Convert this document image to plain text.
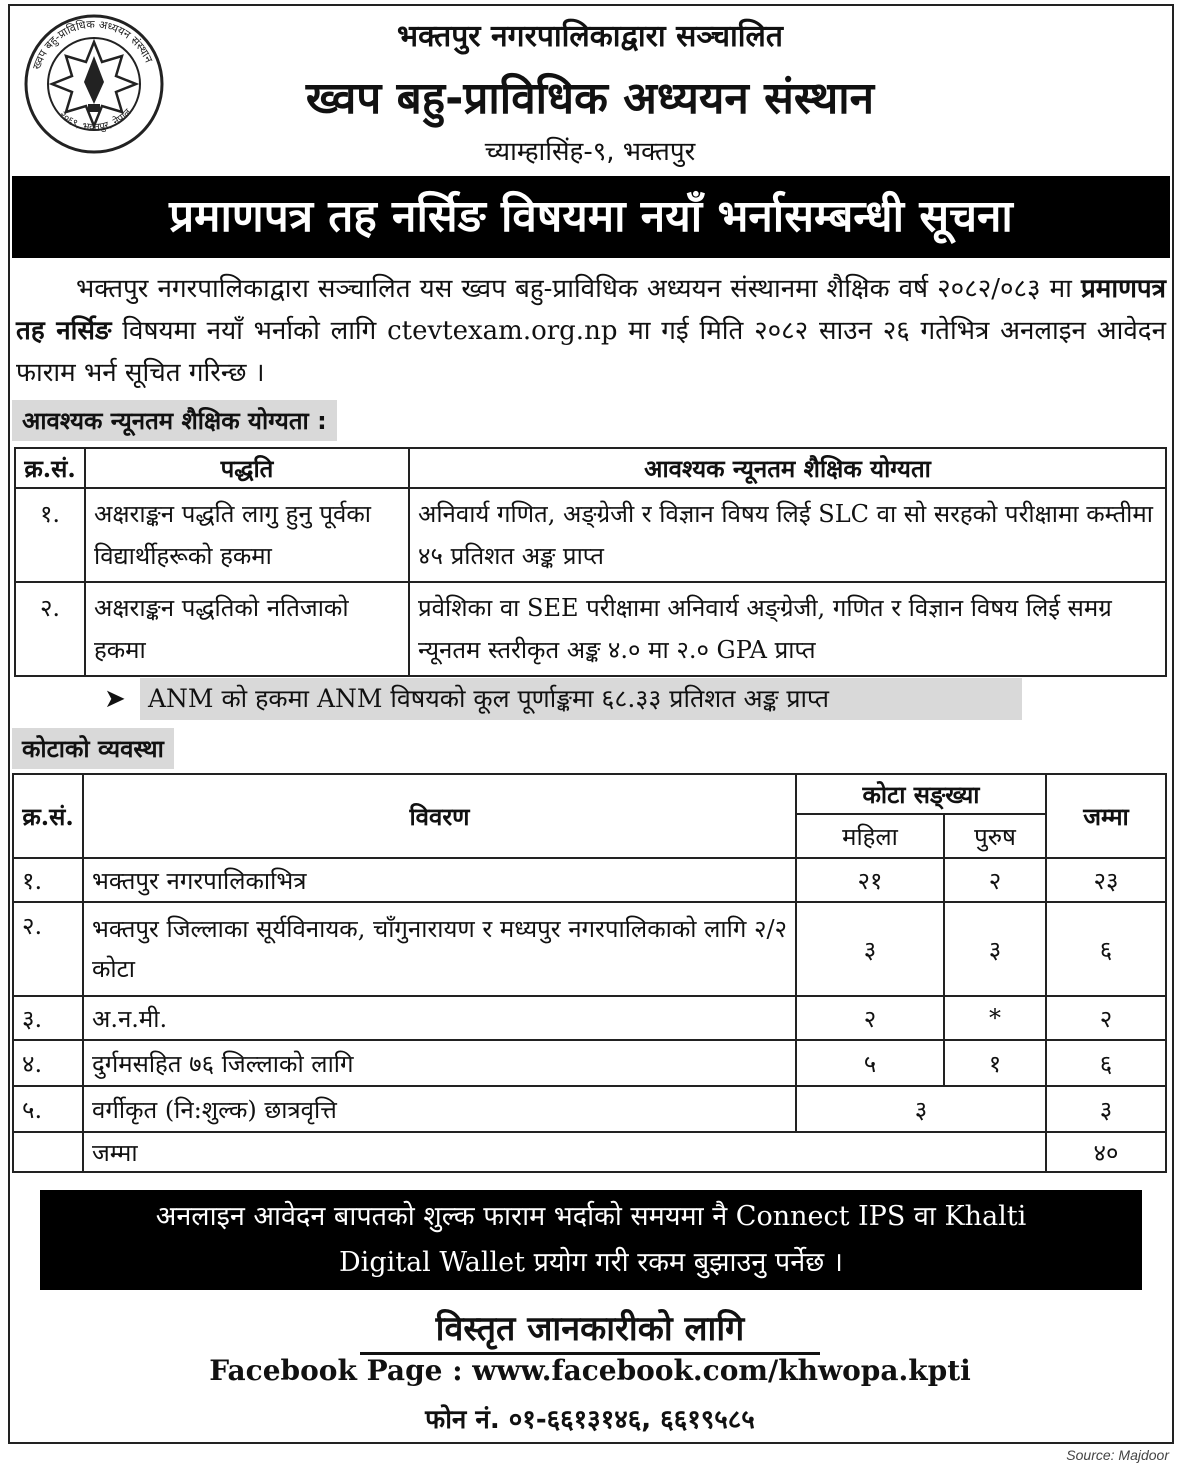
ख्वप बहु-प्राविधिक अध्ययन संस्थान
२०६९, भक्तपुर, नेपाल
भक्तपुर नगरपालिकाद्वारा सञ्चालित
ख्वप बहु-प्राविधिक अध्ययन संस्थान
च्याम्हासिंह-९, भक्तपुर
प्रमाणपत्र तह नर्सिङ विषयमा नयाँ भर्नासम्बन्धी सूचना

भक्तपुर नगरपालिकाद्वारा सञ्चालित यस ख्वप बहु-प्राविधिक अध्ययन संस्थानमा शैक्षिक वर्ष २०८२/०८३ मा प्रमाणपत्र तह नर्सिङ विषयमा नयाँ भर्नाको लागि ctevtexam.org.np मा गई मिति २०८२ साउन २६ गतेभित्र अनलाइन आवेदन फाराम भर्न सूचित गरिन्छ ।

आवश्यक न्यूनतम शैक्षिक योग्यता :
क्र.सं.	पद्धति	आवश्यक न्यूनतम शैक्षिक योग्यता
१.	अक्षराङ्कन पद्धति लागु हुनु पूर्वका विद्यार्थीहरूको हकमा	अनिवार्य गणित, अङ्ग्रेजी र विज्ञान विषय लिई SLC वा सो सरहको परीक्षामा कम्तीमा ४५ प्रतिशत अङ्क प्राप्त
२.	अक्षराङ्कन पद्धतिको नतिजाको हकमा	प्रवेशिका वा SEE परीक्षामा अनिवार्य अङ्ग्रेजी, गणित र विज्ञान विषय लिई समग्र न्यूनतम स्तरीकृत अङ्क ४.० मा २.० GPA प्राप्त
➤ ANM को हकमा ANM विषयको कूल पूर्णाङ्कमा ६८.३३ प्रतिशत अङ्क प्राप्त
कोटाको व्यवस्था
क्र.सं.	विवरण	कोटा सङ्ख्या		जम्मा
		महिला	पुरुष	
१.	भक्तपुर नगरपालिकाभित्र	२१	२	२३
२.	भक्तपुर जिल्लाका सूर्यविनायक, चाँगुनारायण र मध्यपुर नगरपालिकाको लागि २/२ कोटा	३	३	६
३.	अ.न.मी.	२	*	२
४.	दुर्गमसहित ७६ जिल्लाको लागि	५	१	६
५.	वर्गीकृत (नि:शुल्क) छात्रवृत्ति	३		३
	जम्मा			४०
अनलाइन आवेदन बापतको शुल्क फाराम भर्दाको समयमा नै Connect IPS वा Khalti
Digital Wallet प्रयोग गरी रकम बुझाउनु पर्नेछ ।
विस्तृत जानकारीको लागि
Facebook Page : www.facebook.com/khwopa.kpti
फोन नं. ०१-६६१३१४६, ६६१९५८५
Source: Majdoor
